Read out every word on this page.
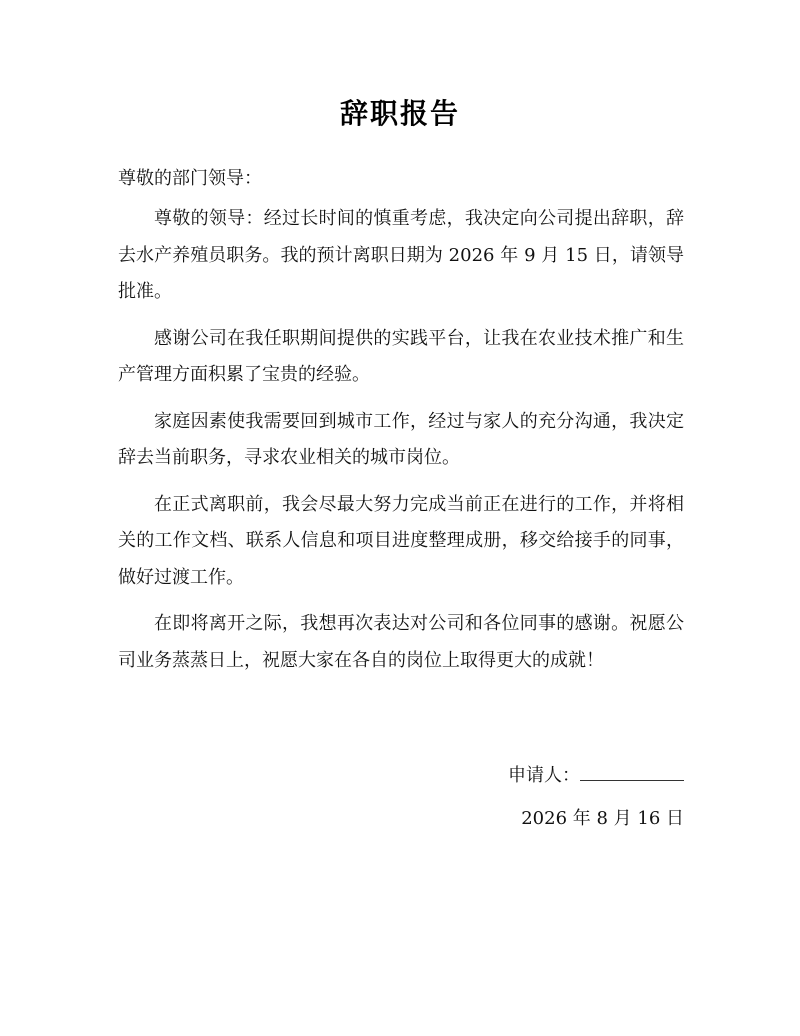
辞职报告
尊敬的部门领导：

尊敬的领导：经过长时间的慎重考虑，我决定向公司提出辞职，辞去水产养殖员职务。我的预计离职日期为 2026 年 9 月 15 日，请领导批准。

感谢公司在我任职期间提供的实践平台，让我在农业技术推广和生产管理方面积累了宝贵的经验。

家庭因素使我需要回到城市工作，经过与家人的充分沟通，我决定辞去当前职务，寻求农业相关的城市岗位。

在正式离职前，我会尽最大努力完成当前正在进行的工作，并将相关的工作文档、联系人信息和项目进度整理成册，移交给接手的同事，做好过渡工作。

在即将离开之际，我想再次表达对公司和各位同事的感谢。祝愿公司业务蒸蒸日上，祝愿大家在各自的岗位上取得更大的成就！

申请人：
2026 年 8 月 16 日
